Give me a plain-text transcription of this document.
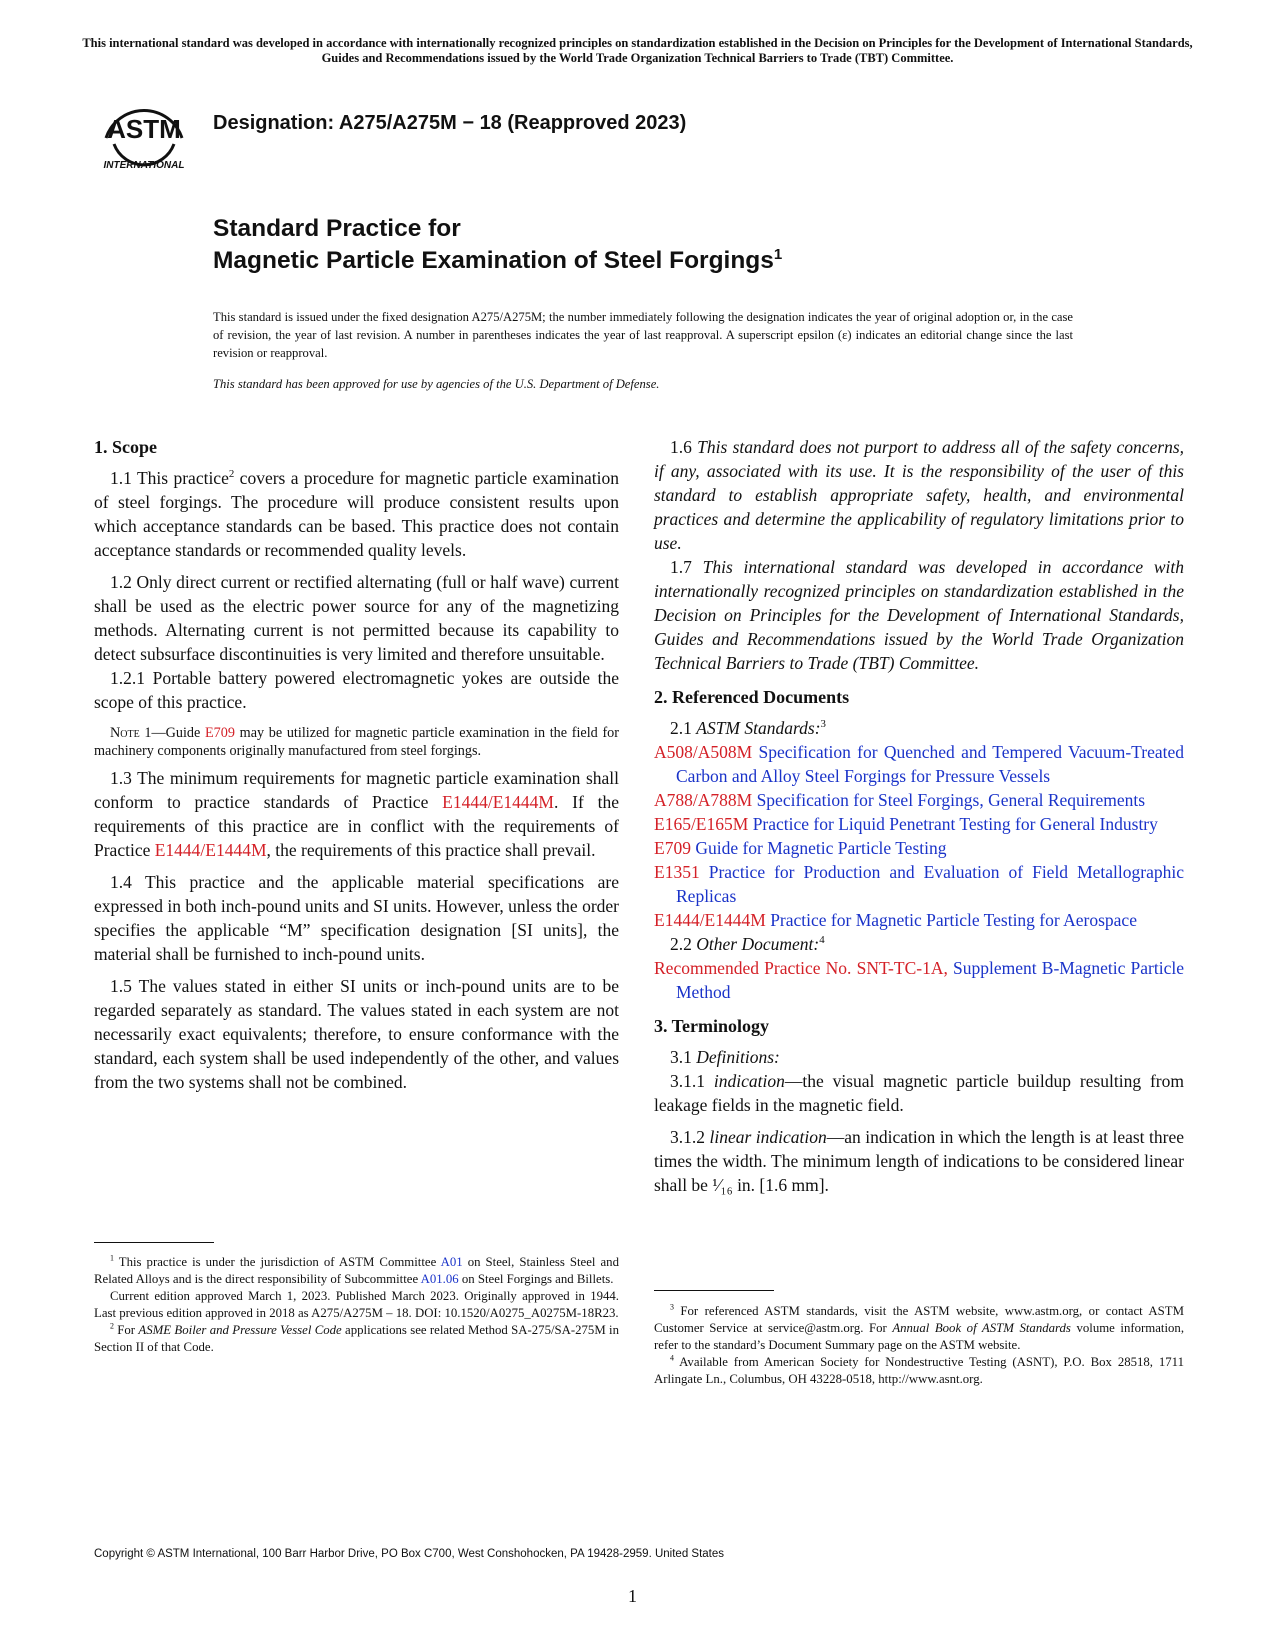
This international standard was developed in accordance with internationally recognized principles on standardization established in the Decision on Principles for the Development of International Standards, Guides and Recommendations issued by the World Trade Organization Technical Barriers to Trade (TBT) Committee.
ASTM
INTERNATIONAL
Designation: A275/A275M − 18 (Reapproved 2023)
Standard Practice for
Magnetic Particle Examination of Steel Forgings$^1$
This standard is issued under the fixed designation A275/A275M; the number immediately following the designation indicates the year of original adoption or, in the case of revision, the year of last revision. A number in parentheses indicates the year of last reapproval. A superscript epsilon (ε) indicates an editorial change since the last revision or reapproval.
This standard has been approved for use by agencies of the U.S. Department of Defense.

1. Scope

1.1 This practice$^2$ covers a procedure for magnetic particle examination of steel forgings. The procedure will produce consistent results upon which acceptance standards can be based. This practice does not contain acceptance standards or recommended quality levels.

1.2 Only direct current or rectified alternating (full or half wave) current shall be used as the electric power source for any of the magnetizing methods. Alternating current is not permitted because its capability to detect subsurface discontinuities is very limited and therefore unsuitable.

1.2.1 Portable battery powered electromagnetic yokes are outside the scope of this practice.

Note 1—Guide E709 may be utilized for magnetic particle examination in the field for machinery components originally manufactured from steel forgings.

1.3 The minimum requirements for magnetic particle examination shall conform to practice standards of Practice E1444/E1444M. If the requirements of this practice are in conflict with the requirements of Practice E1444/E1444M, the requirements of this practice shall prevail.

1.4 This practice and the applicable material specifications are expressed in both inch-pound units and SI units. However, unless the order specifies the applicable “M” specification designation [SI units], the material shall be furnished to inch-pound units.

1.5 The values stated in either SI units or inch-pound units are to be regarded separately as standard. The values stated in each system are not necessarily exact equivalents; therefore, to ensure conformance with the standard, each system shall be used independently of the other, and values from the two systems shall not be combined.

1.6 This standard does not purport to address all of the safety concerns, if any, associated with its use. It is the responsibility of the user of this standard to establish appropriate safety, health, and environmental practices and determine the applicability of regulatory limitations prior to use.

1.7 This international standard was developed in accordance with internationally recognized principles on standardization established in the Decision on Principles for the Development of International Standards, Guides and Recommendations issued by the World Trade Organization Technical Barriers to Trade (TBT) Committee.

2. Referenced Documents

2.1 ASTM Standards:$^3$

A508/A508M Specification for Quenched and Tempered Vacuum-Treated Carbon and Alloy Steel Forgings for Pressure Vessels

A788/A788M Specification for Steel Forgings, General Requirements

E165/E165M Practice for Liquid Penetrant Testing for General Industry

E709 Guide for Magnetic Particle Testing

E1351 Practice for Production and Evaluation of Field Metallographic Replicas

E1444/E1444M Practice for Magnetic Particle Testing for Aerospace

2.2 Other Document:$^4$

Recommended Practice No. SNT-TC-1A, Supplement B-Magnetic Particle Method

3. Terminology

3.1 Definitions:

3.1.1 indication—the visual magnetic particle buildup resulting from leakage fields in the magnetic field.

3.1.2 linear indication—an indication in which the length is at least three times the width. The minimum length of indications to be considered linear shall be ¹⁄₁₆ in. [1.6 mm].

$^1$ This practice is under the jurisdiction of ASTM Committee A01 on Steel, Stainless Steel and Related Alloys and is the direct responsibility of Subcommittee A01.06 on Steel Forgings and Billets.

Current edition approved March 1, 2023. Published March 2023. Originally approved in 1944. Last previous edition approved in 2018 as A275/A275M – 18. DOI: 10.1520/A0275_A0275M-18R23.

$^2$ For ASME Boiler and Pressure Vessel Code applications see related Method SA-275/SA-275M in Section II of that Code.

$^3$ For referenced ASTM standards, visit the ASTM website, www.astm.org, or contact ASTM Customer Service at service@astm.org. For Annual Book of ASTM Standards volume information, refer to the standard’s Document Summary page on the ASTM website.

$^4$ Available from American Society for Nondestructive Testing (ASNT), P.O. Box 28518, 1711 Arlingate Ln., Columbus, OH 43228-0518, http://www.asnt.org.

Copyright © ASTM International, 100 Barr Harbor Drive, PO Box C700, West Conshohocken, PA 19428-2959. United States
1
